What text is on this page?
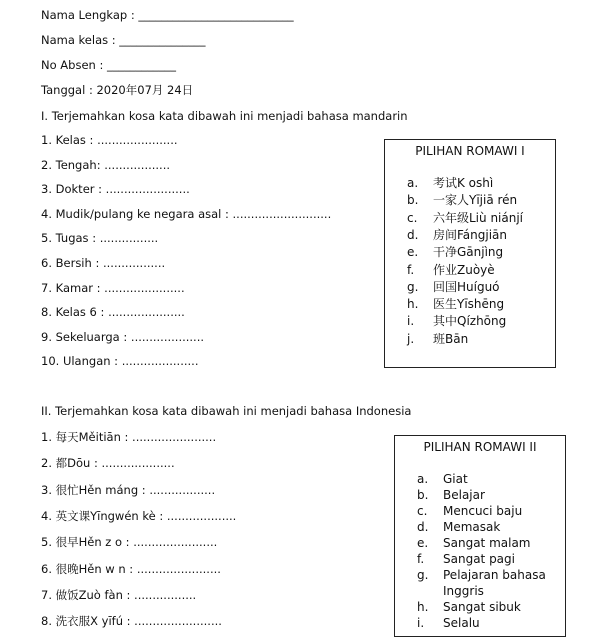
Nama Lengkap : ___________________________
Nama kelas : _______________
No Absen : ____________
Tanggal : 2020年07月 24日
I. Terjemahkan kosa kata dibawah ini menjadi bahasa mandarin
1. Kelas : ......................
2. Tengah: ..................
3. Dokter : .......................
4. Mudik/pulang ke negara asal : ...........................
5. Tugas : ................
6. Bersih : .................
7. Kamar : ......................
8. Kelas 6 : .....................
9. Sekeluarga : ....................
10. Ulangan : .....................
PILIHAN ROMAWI I
a. 考试K oshì
b. 一家人Yījiā rén
c. 六年级Liù niánjí
d. 房间Fángjiān
e. 干净Gānjìng
f. 作业Zuòyè
g. 回国Huíguó
h. 医生Yīshēng
i. 其中Qízhōng
j. 班Bān
II. Terjemahkan kosa kata dibawah ini menjadi bahasa Indonesia
1. 每天Měitiān : .......................
2. 都Dōu : ....................
3. 很忙Hěn máng : ..................
4. 英文课Yīngwén kè : ...................
5. 很早Hěn z o : .......................
6. 很晚Hěn w n : .......................
7. 做饭Zuò fàn : .................
8. 洗衣服X yīfú : ........................
PILIHAN ROMAWI II
a. Giat
b. Belajar
c. Mencuci baju
d. Memasak
e. Sangat malam
f. Sangat pagi
g. Pelajaran bahasa
Inggris
h. Sangat sibuk
i. Selalu
